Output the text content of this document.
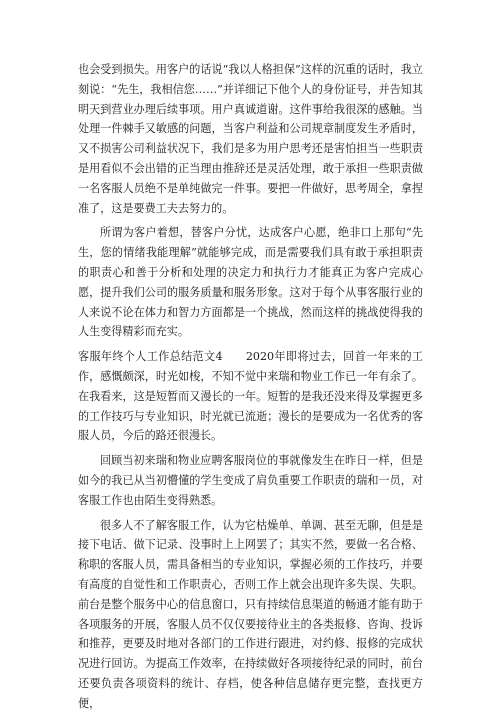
也会受到损失。用客户的话说“我以人格担保”这样的沉重的话时，我立刻说：“先生，我相信您……”并详细记下他个人的身份证号，并告知其明天到营业办理后续事项。用户真诚道谢。这件事给我很深的感触。当处理一件棘手又敏感的问题，当客户利益和公司规章制度发生矛盾时，又不损害公司利益状况下，我们是多为用户思考还是害怕担当一些职责是用看似不会出错的正当理由推辞还是灵活处理，敢于承担一些职责做一名客服人员绝不是单纯做完一件事。要把一件做好，思考周全，拿捏准了，这是要费工夫去努力的。

所谓为客户着想，替客户分忧，达成客户心愿，绝非口上那句“先生，您的情绪我能理解”就能够完成，而是需要我们具有敢于承担职责的职责心和善于分析和处理的决定力和执行力才能真正为客户完成心愿，提升我们公司的服务质量和服务形象。这对于每个从事客服行业的人来说不论在体力和智力方面都是一个挑战，然而这样的挑战使得我的人生变得精彩而充实。

客服年终个人工作总结范文4　　2020年即将过去，回首一年来的工作，感慨颇深，时光如梭，不知不觉中来瑞和物业工作已一年有余了。在我看来，这是短暂而又漫长的一年。短暂的是我还没来得及掌握更多的工作技巧与专业知识，时光就已流逝；漫长的是要成为一名优秀的客服人员，今后的路还很漫长。

回顾当初来瑞和物业应聘客服岗位的事就像发生在昨日一样，但是如今的我已从当初懵懂的学生变成了肩负重要工作职责的瑞和一员，对客服工作也由陌生变得熟悉。

很多人不了解客服工作，认为它枯燥单、单调、甚至无聊，但是是接下电话、做下记录、没事时上上网罢了；其实不然，要做一名合格、称职的客服人员，需具备相当的专业知识，掌握必须的工作技巧，并要有高度的自觉性和工作职责心，否则工作上就会出现许多失误、失职。前台是整个服务中心的信息窗口，只有持续信息渠道的畅通才能有助于各项服务的开展，客服人员不仅仅要接待业主的各类报修、咨询、投诉和推荐，更要及时地对各部门的工作进行跟进，对约修、报修的完成状况进行回访。为提高工作效率，在持续做好各项接待纪录的同时，前台还要负责各项资料的统计、存档，使各种信息储存更完整，查找更方便，
